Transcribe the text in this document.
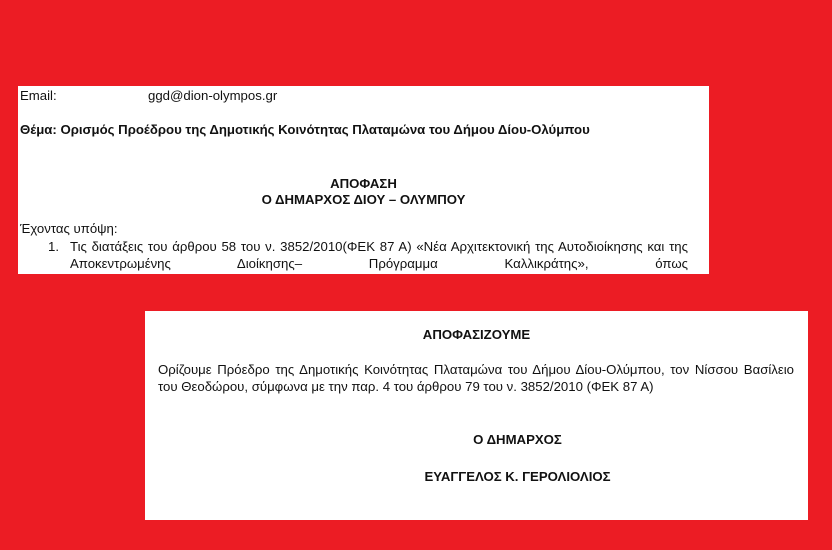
Email:	ggd@dion-olympos.gr
Θέμα: Ορισμός Προέδρου της Δημοτικής Κοινότητας Πλαταμώνα του Δήμου Δίου-Ολύμπου
ΑΠΟΦΑΣΗ
Ο ΔΗΜΑΡΧΟΣ ΔΙΟΥ – ΟΛΥΜΠΟΥ
Έχοντας υπόψη:
1. Τις διατάξεις του άρθρου 58 του ν. 3852/2010(ΦΕΚ 87 Α) «Νέα Αρχιτεκτονική της Αυτοδιοίκησης και της Αποκεντρωμένης Διοίκησης– Πρόγραμμα Καλλικράτης», όπως
ΑΠΟΦΑΣΙΖΟΥΜΕ
Ορίζουμε Πρόεδρο της Δημοτικής Κοινότητας Πλαταμώνα του Δήμου Δίου-Ολύμπου, τον Νίσσου Βασίλειο του Θεοδώρου, σύμφωνα με την παρ. 4 του άρθρου 79 του ν. 3852/2010 (ΦΕΚ 87 Α)
Ο ΔΗΜΑΡΧΟΣ
ΕΥΑΓΓΕΛΟΣ Κ. ΓΕΡΟΛΙΟΛΙΟΣ
